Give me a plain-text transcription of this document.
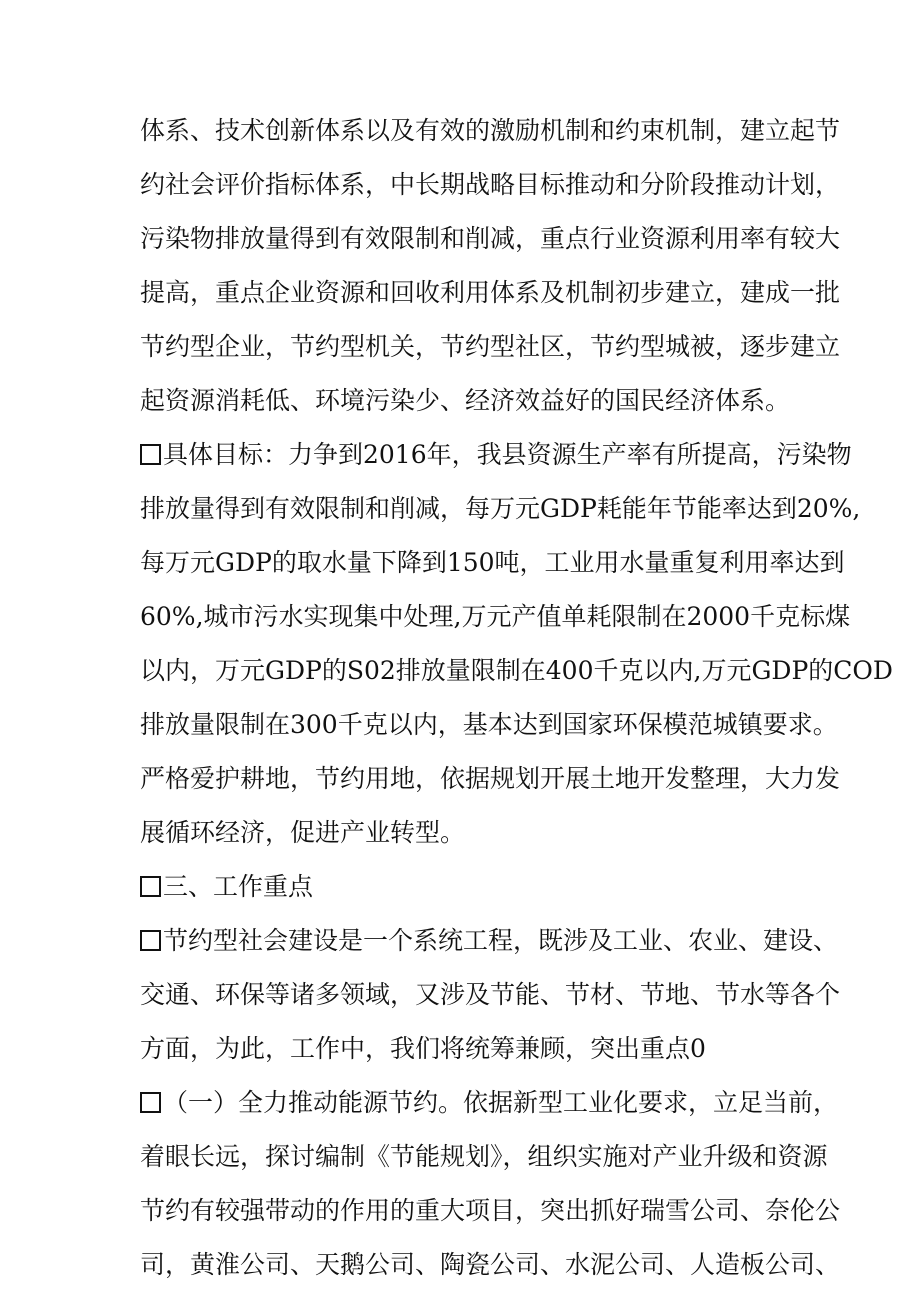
体系、技术创新体系以及有效的激励机制和约束机制，建立起节
约社会评价指标体系，中长期战略目标推动和分阶段推动计划，
污染物排放量得到有效限制和削减，重点行业资源利用率有较大
提高，重点企业资源和回收利用体系及机制初步建立，建成一批
节约型企业，节约型机关，节约型社区，节约型城被，逐步建立
起资源消耗低、环境污染少、经济效益好的国民经济体系。
具体目标：力争到2016年，我县资源生产率有所提高，污染物
排放量得到有效限制和削减，每万元GDP耗能年节能率达到20%,
每万元GDP的取水量下降到150吨，工业用水量重复利用率达到
60%,城市污水实现集中处理,万元产值单耗限制在2000千克标煤
以内，万元GDP的S02排放量限制在400千克以内,万元GDP的COD
排放量限制在300千克以内，基本达到国家环保模范城镇要求。
严格爱护耕地，节约用地，依据规划开展土地开发整理，大力发
展循环经济，促进产业转型。
三、工作重点
节约型社会建设是一个系统工程，既涉及工业、农业、建设、
交通、环保等诸多领域，又涉及节能、节材、节地、节水等各个
方面，为此，工作中，我们将统筹兼顾，突出重点0
（一）全力推动能源节约。依据新型工业化要求，立足当前，
着眼长远，探讨编制《节能规划》，组织实施对产业升级和资源
节约有较强带动的作用的重大项目，突出抓好瑞雪公司、奈伦公
司，黄淮公司、天鹅公司、陶瓷公司、水泥公司、人造板公司、
